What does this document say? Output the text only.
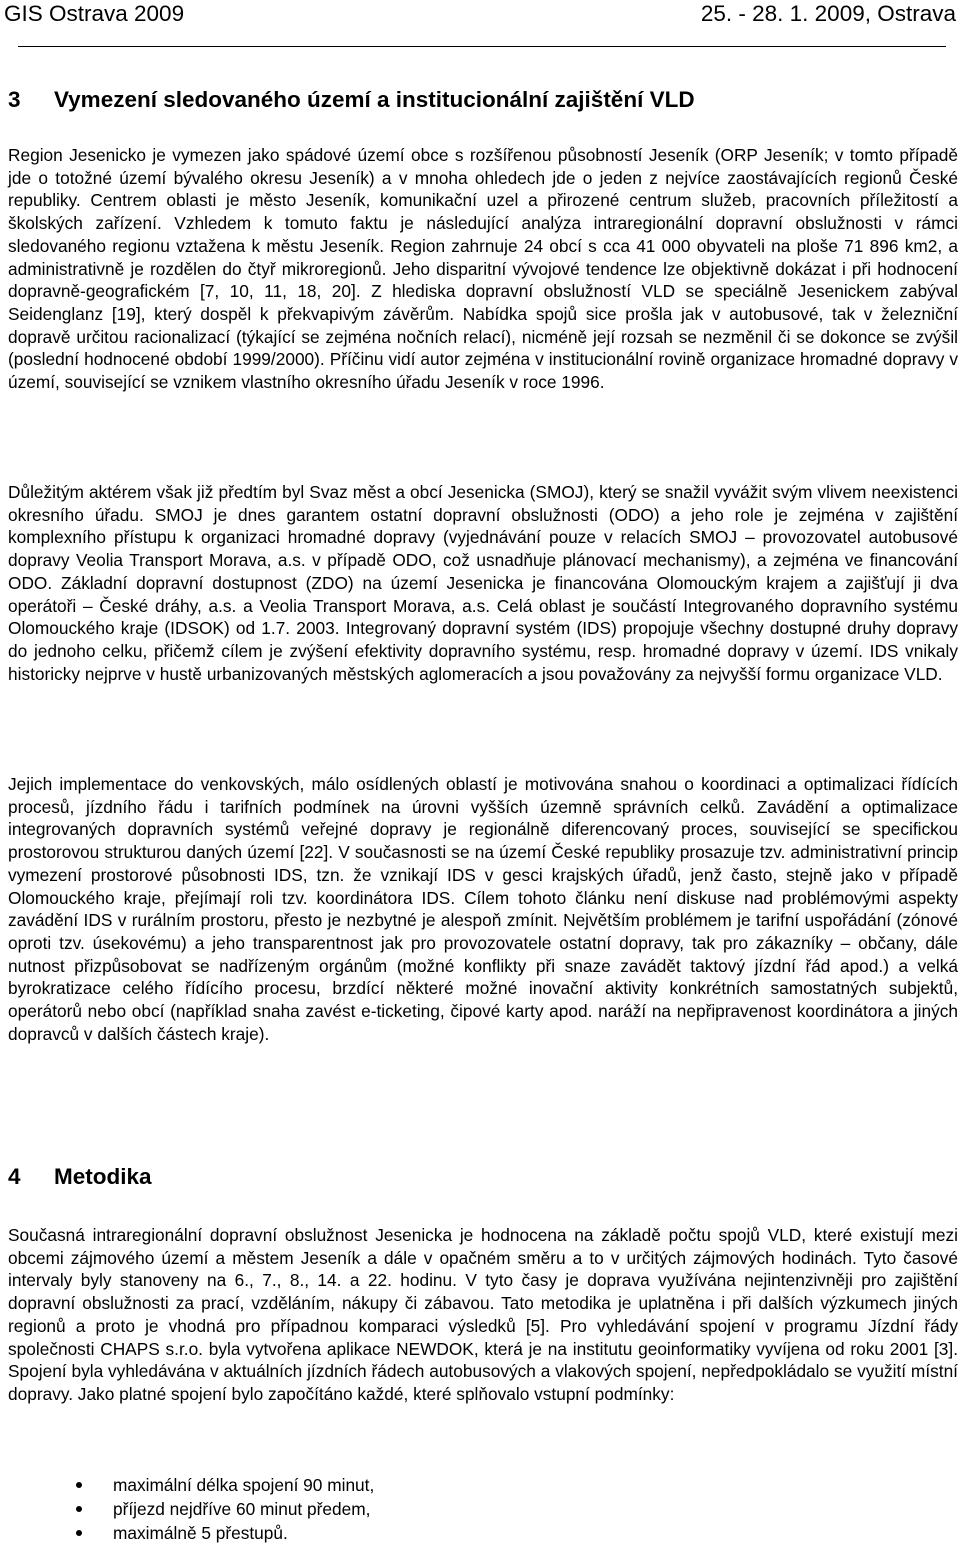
GIS Ostrava 2009	25. - 28. 1. 2009, Ostrava
3 Vymezení sledovaného území a institucionální zajištění VLD

Region Jesenicko je vymezen jako spádové území obce s rozšířenou působností Jeseník (ORP Jeseník; v tomto případě jde o totožné území bývalého okresu Jeseník) a v mnoha ohledech jde o jeden z nejvíce zaostávajících regionů České republiky. Centrem oblasti je město Jeseník, komunikační uzel a přirozené centrum služeb, pracovních příležitostí a školských zařízení. Vzhledem k tomuto faktu je následující analýza intraregionální dopravní obslužnosti v rámci sledovaného regionu vztažena k městu Jeseník. Region zahrnuje 24 obcí s cca 41 000 obyvateli na ploše 71 896 km2, a administrativně je rozdělen do čtyř mikroregionů. Jeho disparitní vývojové tendence lze objektivně dokázat i při hodnocení dopravně-geografickém [7, 10, 11, 18, 20]. Z hlediska dopravní obslužností VLD se speciálně Jesenickem zabýval Seidenglanz [19], který dospěl k překvapivým závěrům. Nabídka spojů sice prošla jak v autobusové, tak v železniční dopravě určitou racionalizací (týkající se zejména nočních relací), nicméně její rozsah se nezměnil či se dokonce se zvýšil (poslední hodnocené období 1999/2000). Příčinu vidí autor zejména v institucionální rovině organizace hromadné dopravy v území, související se vznikem vlastního okresního úřadu Jeseník v roce 1996.

Důležitým aktérem však již předtím byl Svaz měst a obcí Jesenicka (SMOJ), který se snažil vyvážit svým vlivem neexistenci okresního úřadu. SMOJ je dnes garantem ostatní dopravní obslužnosti (ODO) a jeho role je zejména v zajištění komplexního přístupu k organizaci hromadné dopravy (vyjednávání pouze v relacích SMOJ – provozovatel autobusové dopravy Veolia Transport Morava, a.s. v případě ODO, což usnadňuje plánovací mechanismy), a zejména ve financování ODO. Základní dopravní dostupnost (ZDO) na území Jesenicka je financována Olomouckým krajem a zajišťují ji dva operátoři – České dráhy, a.s. a Veolia Transport Morava, a.s. Celá oblast je součástí Integrovaného dopravního systému Olomouckého kraje (IDSOK) od 1.7. 2003. Integrovaný dopravní systém (IDS) propojuje všechny dostupné druhy dopravy do jednoho celku, přičemž cílem je zvýšení efektivity dopravního systému, resp. hromadné dopravy v území. IDS vnikaly historicky nejprve v hustě urbanizovaných městských aglomeracích a jsou považovány za nejvyšší formu organizace VLD.

Jejich implementace do venkovských, málo osídlených oblastí je motivována snahou o koordinaci a optimalizaci řídících procesů, jízdního řádu i tarifních podmínek na úrovni vyšších územně správních celků. Zavádění a optimalizace integrovaných dopravních systémů veřejné dopravy je regionálně diferencovaný proces, související se specifickou prostorovou strukturou daných území [22]. V současnosti se na území České republiky prosazuje tzv. administrativní princip vymezení prostorové působnosti IDS, tzn. že vznikají IDS v gesci krajských úřadů, jenž často, stejně jako v případě Olomouckého kraje, přejímají roli tzv. koordinátora IDS. Cílem tohoto článku není diskuse nad problémovými aspekty zavádění IDS v rurálním prostoru, přesto je nezbytné je alespoň zmínit. Největším problémem je tarifní uspořádání (zónové oproti tzv. úsekovému) a jeho transparentnost jak pro provozovatele ostatní dopravy, tak pro zákazníky – občany, dále nutnost přizpůsobovat se nadřízeným orgánům (možné konflikty při snaze zavádět taktový jízdní řád apod.) a velká byrokratizace celého řídícího procesu, brzdící některé možné inovační aktivity konkrétních samostatných subjektů, operátorů nebo obcí (například snaha zavést e-ticketing, čipové karty apod. naráží na nepřipravenost koordinátora a jiných dopravců v dalších částech kraje).

4 Metodika

Současná intraregionální dopravní obslužnost Jesenicka je hodnocena na základě počtu spojů VLD, které existují mezi obcemi zájmového území a městem Jeseník a dále v opačném směru a to v určitých zájmových hodinách. Tyto časové intervaly byly stanoveny na 6., 7., 8., 14. a 22. hodinu. V tyto časy je doprava využívána nejintenzivněji pro zajištění dopravní obslužnosti za prací, vzděláním, nákupy či zábavou. Tato metodika je uplatněna i při dalších výzkumech jiných regionů a proto je vhodná pro případnou komparaci výsledků [5]. Pro vyhledávání spojení v programu Jízdní řády společnosti CHAPS s.r.o. byla vytvořena aplikace NEWDOK, která je na institutu geoinformatiky vyvíjena od roku 2001 [3]. Spojení byla vyhledávána v aktuálních jízdních řádech autobusových a vlakových spojení, nepředpokládalo se využití místní dopravy. Jako platné spojení bylo započítáno každé, které splňovalo vstupní podmínky:

maximální délka spojení 90 minut,
příjezd nejdříve 60 minut předem,
maximálně 5 přestupů.
